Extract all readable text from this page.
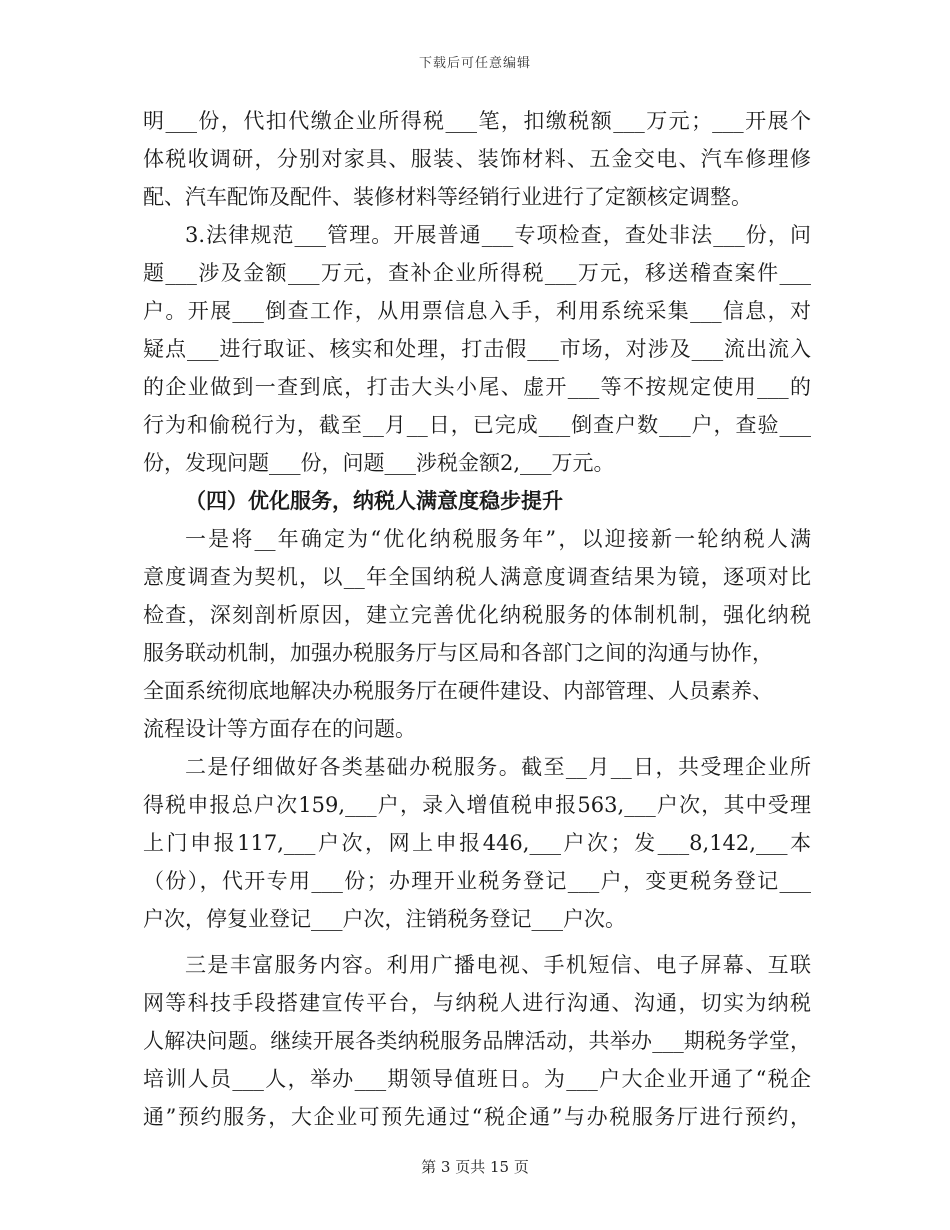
下载后可任意编辑
明___份，代扣代缴企业所得税___笔，扣缴税额___万元；___开展个
体税收调研，分别对家具、服装、装饰材料、五金交电、汽车修理修
配、汽车配饰及配件、装修材料等经销行业进行了定额核定调整。
3.法律规范___管理。开展普通___专项检查，查处非法___份，问
题___涉及金额___万元，查补企业所得税___万元，移送稽查案件___
户。开展___倒查工作，从用票信息入手，利用系统采集___信息，对
疑点___进行取证、核实和处理，打击假___市场，对涉及___流出流入
的企业做到一查到底，打击大头小尾、虚开___等不按规定使用___的
行为和偷税行为，截至__月__日，已完成___倒查户数___户，查验___
份，发现问题___份，问题___涉税金额2,___万元。
（四）优化服务，纳税人满意度稳步提升
一是将__年确定为“优化纳税服务年”，以迎接新一轮纳税人满
意度调查为契机，以__年全国纳税人满意度调查结果为镜，逐项对比
检查，深刻剖析原因，建立完善优化纳税服务的体制机制，强化纳税
服务联动机制，加强办税服务厅与区局和各部门之间的沟通与协作，
全面系统彻底地解决办税服务厅在硬件建设、内部管理、人员素养、
流程设计等方面存在的问题。
二是仔细做好各类基础办税服务。截至__月__日，共受理企业所
得税申报总户次159,___户，录入增值税申报563,___户次，其中受理
上门申报117,___户次，网上申报446,___户次；发___8,142,___本
（份），代开专用___份；办理开业税务登记___户，变更税务登记___
户次，停复业登记___户次，注销税务登记___户次。
三是丰富服务内容。利用广播电视、手机短信、电子屏幕、互联
网等科技手段搭建宣传平台，与纳税人进行沟通、沟通，切实为纳税
人解决问题。继续开展各类纳税服务品牌活动，共举办___期税务学堂，
培训人员___人，举办___期领导值班日。为___户大企业开通了“税企
通”预约服务，大企业可预先通过“税企通”与办税服务厅进行预约，
第 3 页共 15 页
